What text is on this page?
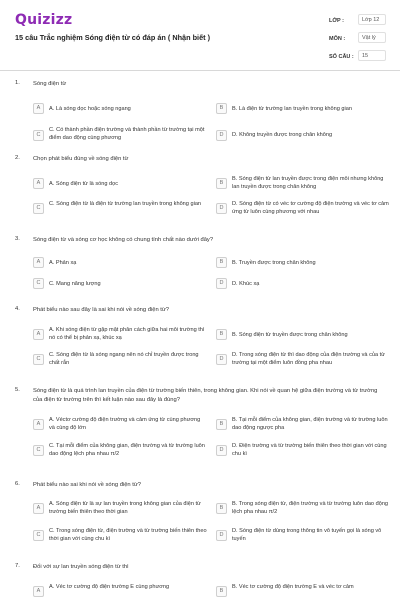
Quizizz
15 câu Trắc nghiệm Sóng điện từ có đáp án ( Nhận biết )
LỚP :	Lớp 12
MÔN :	Vật lý
SỐ CÂU :	15
1. Sóng điện từ
A	A. Là sóng dọc hoặc sóng ngang	B	B. Là điện từ trường lan truyền trong không gian
C
C. Có thành phần điện trường và thành phần từ trường tại một điểm dao động cùng phương	D	D. Không truyền được trong chân không
2. Chọn phát biểu đúng về sóng điện từ
A	A. Sóng điện từ là sóng dọc	B
B. Sóng điện từ lan truyền được trong điện môi nhưng không lan truyền được trong chân không
C
C. Sóng điện từ là điện từ trường lan truyền trong không gian
D
D. Sóng điện từ có véc tơ cường độ điện trường và véc tơ cảm ứng từ luôn cùng phương với nhau
3. Sóng điện từ và sóng cơ học không có chung tính chất nào dưới đây?
A	A. Phản xạ	B	B. Truyền được trong chân không
C	C. Mang năng lượng	D	D. Khúc xạ
4. Phát biểu nào sau đây là sai khi nói về sóng điện từ?
A
A. Khi sóng điện từ gặp mặt phân cách giữa hai môi trường thì nó có thể bị phản xạ, khúc xạ
B	B. Sóng điện từ truyền được trong chân không
C
C. Sóng điện từ là sóng ngang nên nó chỉ truyền được trong chất rắn
D
D. Trong sóng điện từ thì dao động của điện trường và của từ trường tại một điểm luôn đồng pha nhau
5. Sóng điện từ là quá trình lan truyền của điện từ trường biến thiên, trong không gian. Khi nói về quan hệ giữa điện trường và từ trường của điện từ trường trên thì kết luận nào sau đây là đúng?
A
A. Véctơ cường độ điện trường và cảm ứng từ cùng phương và cùng độ lớn
B
B. Tại mỗi điểm của không gian, điện trường và từ trường luôn dao động ngược pha
C
C. Tại mỗi điểm của không gian, điện trường và từ trường luôn dao động lệch pha nhau π/2
D
D. Điện trường và từ trường biến thiên theo thời gian với cùng chu kì
6. Phát biểu nào sai khi nói về sóng điện từ?
A
A. Sóng điện từ là sự lan truyền trong không gian của điện từ trường biến thiên theo thời gian
B
B. Trong sóng điện từ, điện trường và từ trường luôn dao động lệch pha nhau π/2
C
C. Trong sóng điện từ, điện trường và từ trường biến thiên theo thời gian với cùng chu kì
D
D. Sóng điện từ dùng trong thông tin vô tuyến gọi là sóng vô tuyến
7. Đối với sự lan truyền sóng điện từ thì
A
A. Véc tơ cường độ điện trường E cùng phương
B
B. Véc tơ cường độ điện trường E và véc tơ cảm
